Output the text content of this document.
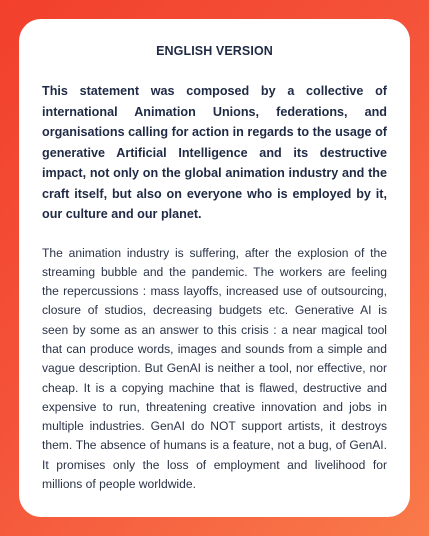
ENGLISH VERSION
This statement was composed by a collective of international Animation Unions, federations, and organisations calling for action in regards to the usage of generative Artificial Intelligence and its destructive impact, not only on the global animation industry and the craft itself, but also on everyone who is employed by it, our culture and our planet.
The animation industry is suffering, after the explosion of the streaming bubble and the pandemic. The workers are feeling the repercussions : mass layoffs, increased use of outsourcing, closure of studios, decreasing budgets etc. Generative AI is seen by some as an answer to this crisis : a near magical tool that can produce words, images and sounds from a simple and vague description. But GenAI is neither a tool, nor effective, nor cheap. It is a copying machine that is flawed, destructive and expensive to run, threatening creative innovation and jobs in multiple industries. GenAI do NOT support artists, it destroys them. The absence of humans is a feature, not a bug, of GenAI. It promises only the loss of employment and livelihood for millions of people worldwide.
